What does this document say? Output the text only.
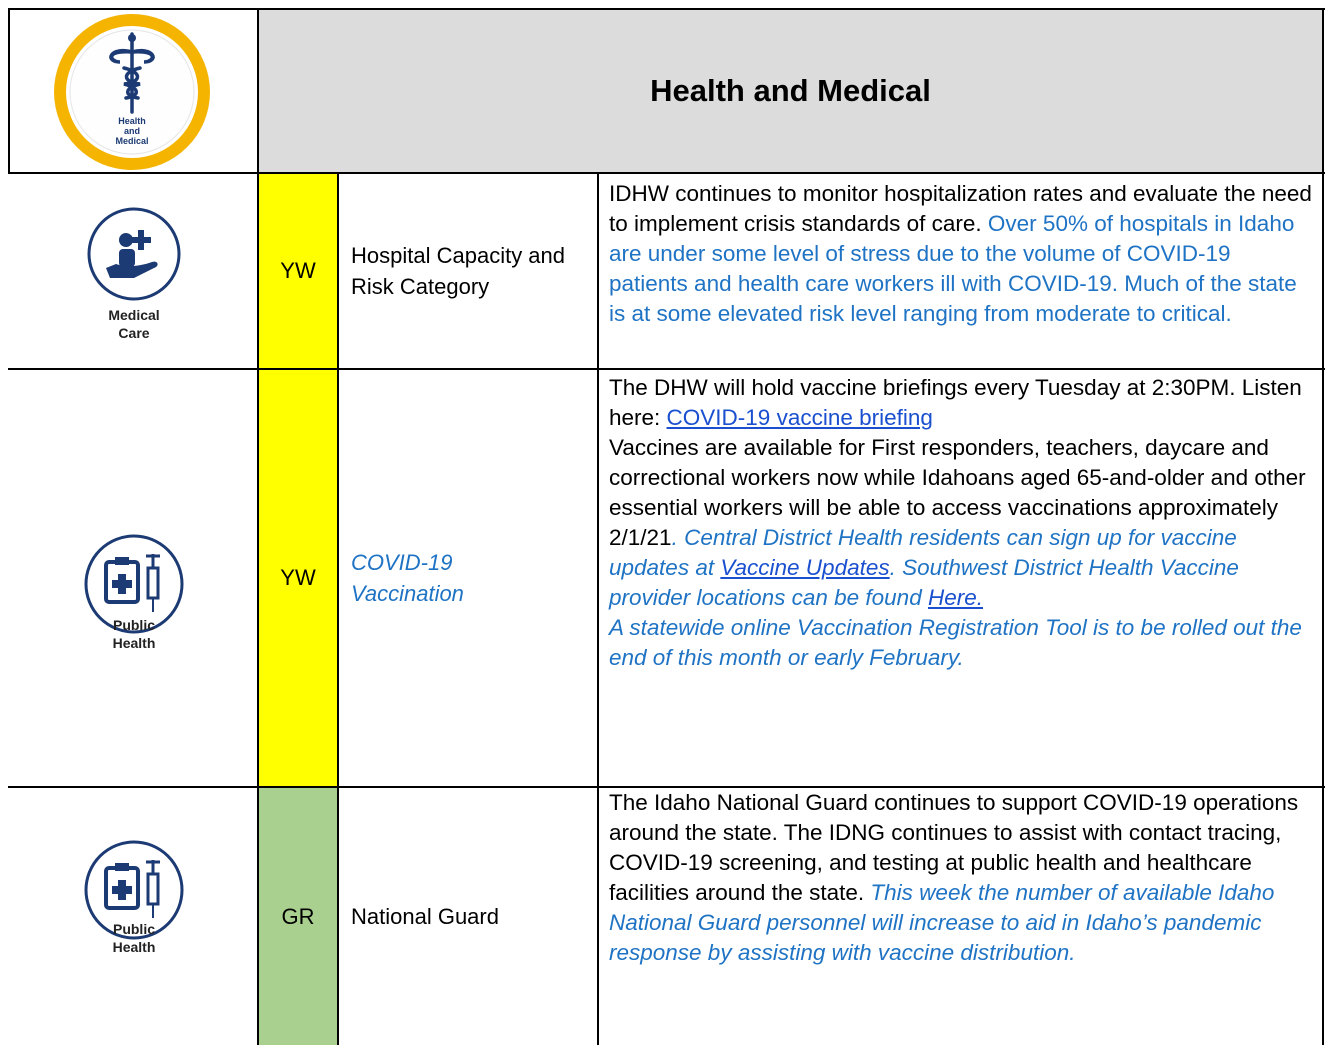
Health and
Medical
Health and Medical
Medical
Care
YW
Hospital Capacity and Risk Category
IDHW continues to monitor hospitalization rates and evaluate the need to implement crisis standards of care. Over 50% of hospitals in Idaho are under some level of stress due to the volume of COVID-19 patients and health care workers ill with COVID-19. Much of the state is at some elevated risk level ranging from moderate to critical.
Public
Health
YW
COVID-19 Vaccination
The DHW will hold vaccine briefings every Tuesday at 2:30PM. Listen here: COVID-19 vaccine briefing
Vaccines are available for First responders, teachers, daycare and correctional workers now while Idahoans aged 65-and-older and other essential workers will be able to access vaccinations approximately 2/1/21. Central District Health residents can sign up for vaccine updates at Vaccine Updates. Southwest District Health Vaccine provider locations can be found Here.
A statewide online Vaccination Registration Tool is to be rolled out the end of this month or early February.
Public
Health
GR National Guard
The Idaho National Guard continues to support COVID-19 operations around the state. The IDNG continues to assist with contact tracing, COVID-19 screening, and testing at public health and healthcare facilities around the state. This week the number of available Idaho National Guard personnel will increase to aid in Idaho’s pandemic response by assisting with vaccine distribution.
